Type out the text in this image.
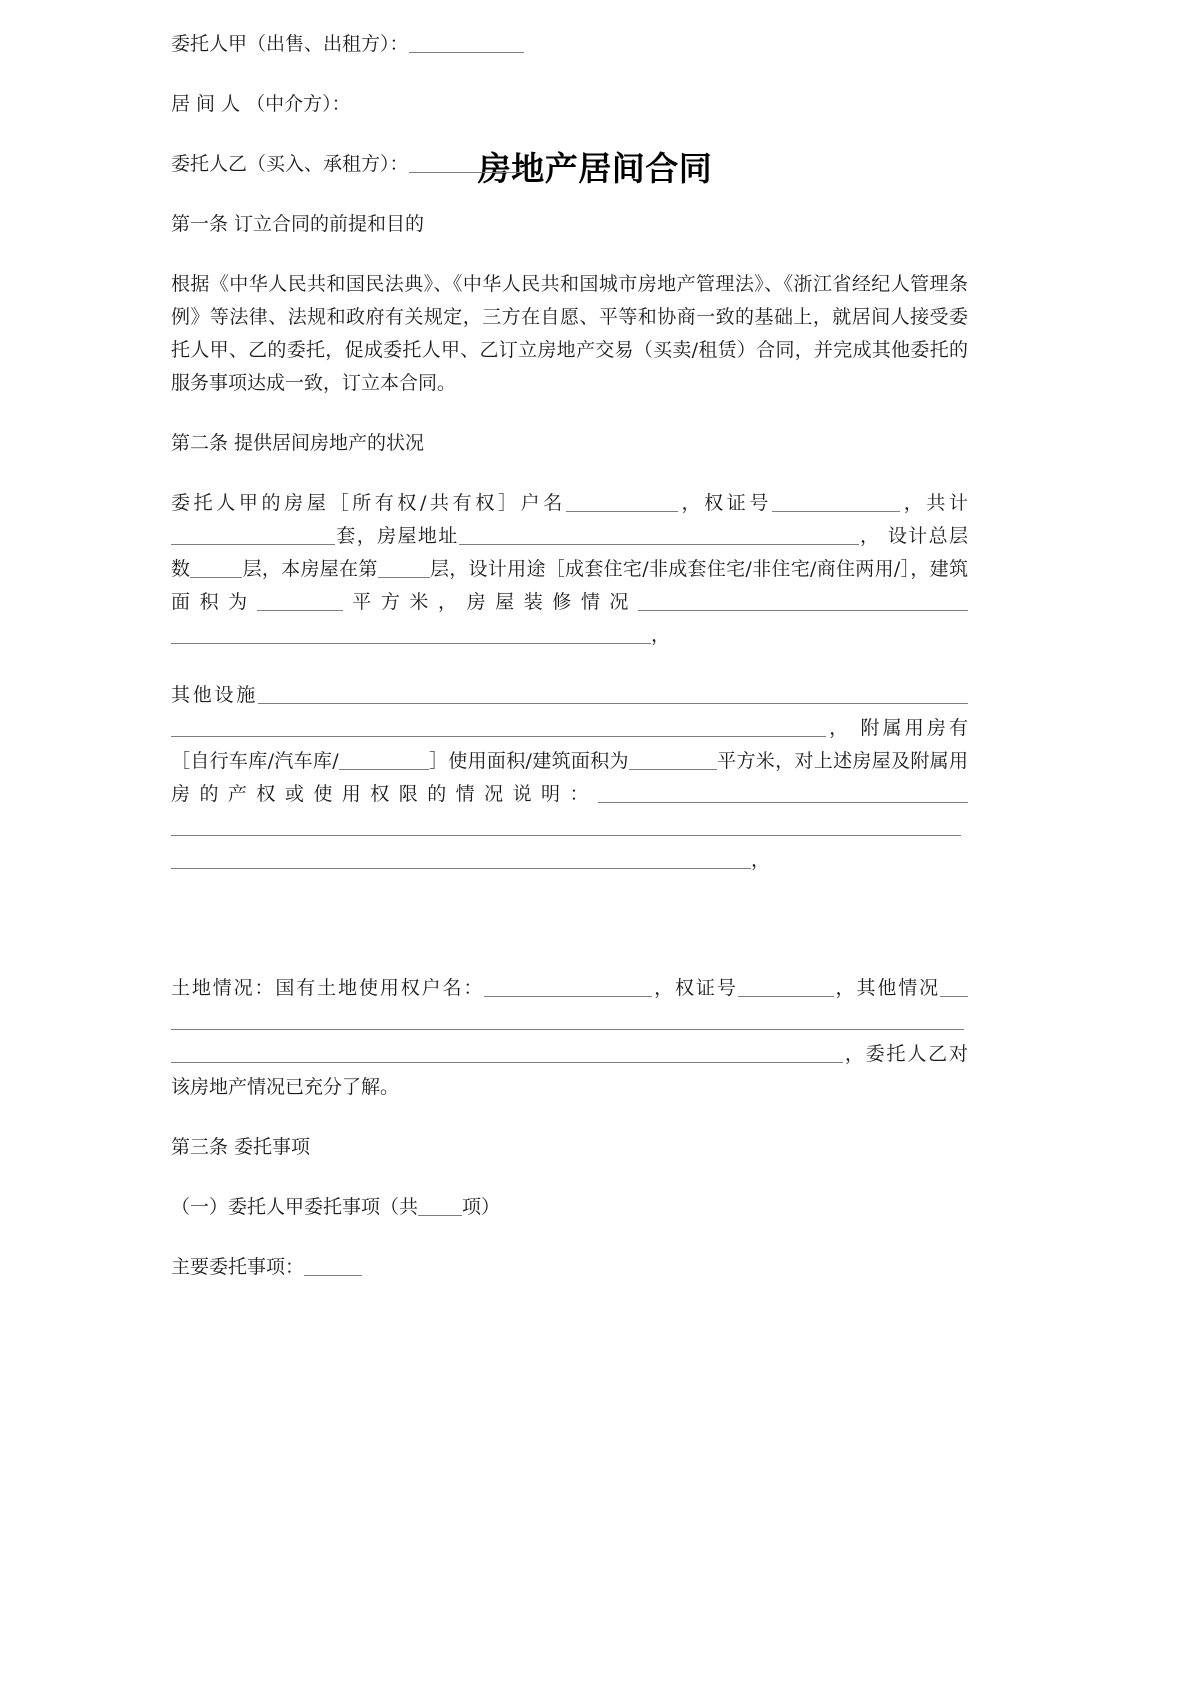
房地产居间合同

委托人甲（出售、出租方）：

居 间 人 （中介方）：

委托人乙（买入、承租方）：

第一条 订立合同的前提和目的

根据《中华人民共和国民法典》、《中华人民共和国城市房地产管理法》、《浙江省经纪人管理条例》等法律、法规和政府有关规定，三方在自愿、平等和协商一致的基础上，就居间人接受委托人甲、乙的委托，促成委托人甲、乙订立房地产交易（买卖/租赁）合同，并完成其他委托的服务事项达成一致，订立本合同。

第二条 提供居间房地产的状况

委托人甲的房屋［所有权/共有权］户名	，权证号	，共计套，房屋地址	， 设计总层数	层，本房屋在第	层，设计用途［成套住宅/非成套住宅/非住宅/商住两用/］，建筑面积为	平方米，房屋装修情况，

其他设施， 附属用房有［自行车库/汽车库/	］使用面积/建筑面积为	平方米，对上述房屋及附属用房的产权或使用权限的情况说明：，

土地情况：国有土地使用权户名：	，权证号	，其他情况，委托人乙对该房地产情况已充分了解。

第三条 委托事项

（一）委托人甲委托事项（共 项）

主要委托事项：
